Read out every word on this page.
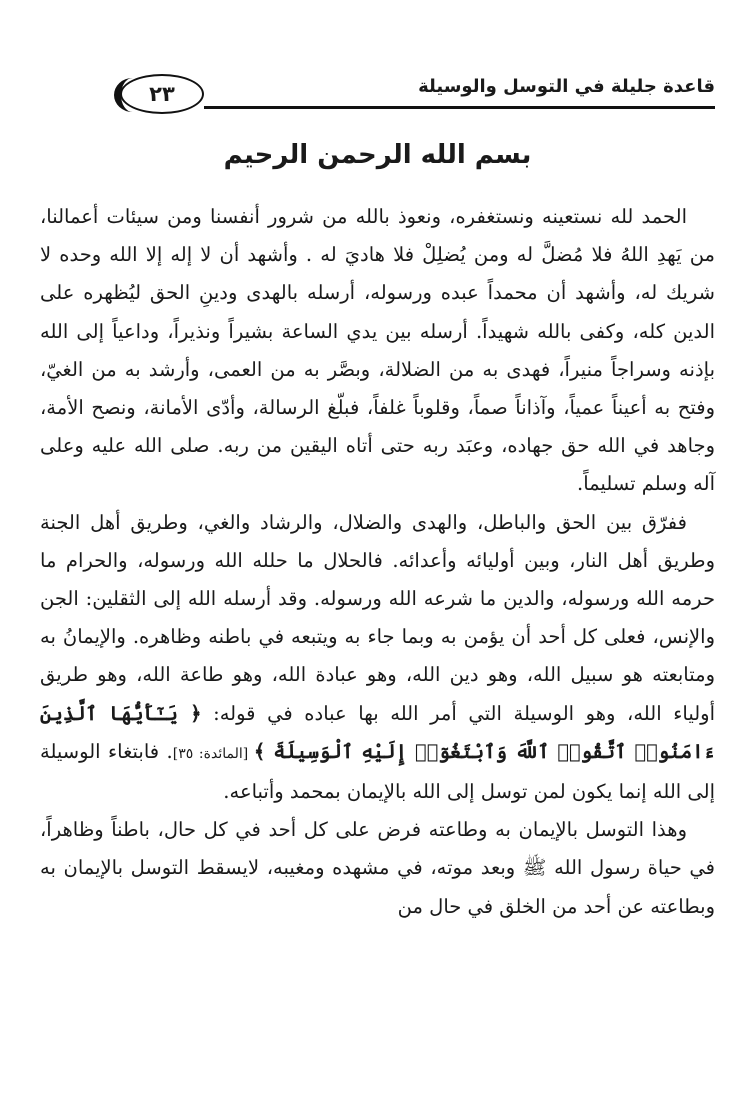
٢٣	قاعدة جليلة في التوسل والوسيلة
بسم الله الرحمن الرحيم

الحمد لله نستعينه ونستغفره، ونعوذ بالله من شرور أنفسنا ومن سيئات أعمالنا، من يَهدِ اللهُ فلا مُضلَّ له ومن يُضلِلْ فلا هاديَ له . وأشهد أن لا إله إلا الله وحده لا شريك له، وأشهد أن محمداً عبده ورسوله، أرسله بالهدى ودينِ الحق ليُظهره على الدين كله، وكفى بالله شهيداً. أرسله بين يدي الساعة بشيراً ونذيراً، وداعياً إلى الله بإذنه وسراجاً منيراً، فهدى به من الضلالة، وبصَّر به من العمى، وأرشد به من الغيّ، وفتح به أعيناً عمياً، وآذاناً صماً، وقلوباً غلفاً، فبلّغ الرسالة، وأدّى الأمانة، ونصح الأمة، وجاهد في الله حق جهاده، وعبَد ربه حتى أتاه اليقين من ربه. صلى الله عليه وعلى آله وسلم تسليماً.

ففرّق بين الحق والباطل، والهدى والضلال، والرشاد والغي، وطريق أهل الجنة وطريق أهل النار، وبين أوليائه وأعدائه. فالحلال ما حلله الله ورسوله، والحرام ما حرمه الله ورسوله، والدين ما شرعه الله ورسوله. وقد أرسله الله إلى الثقلين: الجن والإنس، فعلى كل أحد أن يؤمن به وبما جاء به ويتبعه في باطنه وظاهره. والإيمانُ به ومتابعته هو سبيل الله، وهو دين الله، وهو عبادة الله، وهو طاعة الله، وهو طريق أولياء الله، وهو الوسيلة التي أمر الله بها عباده في قوله: ﴿ يَـٰٓأَيُّهَا ٱلَّذِينَ ءَامَنُوا۟ ٱتَّقُوا۟ ٱللَّهَ وَٱبْتَغُوٓا۟ إِلَيْهِ ٱلْوَسِيلَةَ ﴾ [المائدة: ٣٥]. فابتغاء الوسيلة إلى الله إنما يكون لمن توسل إلى الله بالإيمان بمحمد وأتباعه.

وهذا التوسل بالإيمان به وطاعته فرض على كل أحد في كل حال، باطناً وظاهراً، في حياة رسول الله ﷺ وبعد موته، في مشهده ومغيبه، لايسقط التوسل بالإيمان به وبطاعته عن أحد من الخلق في حال من
